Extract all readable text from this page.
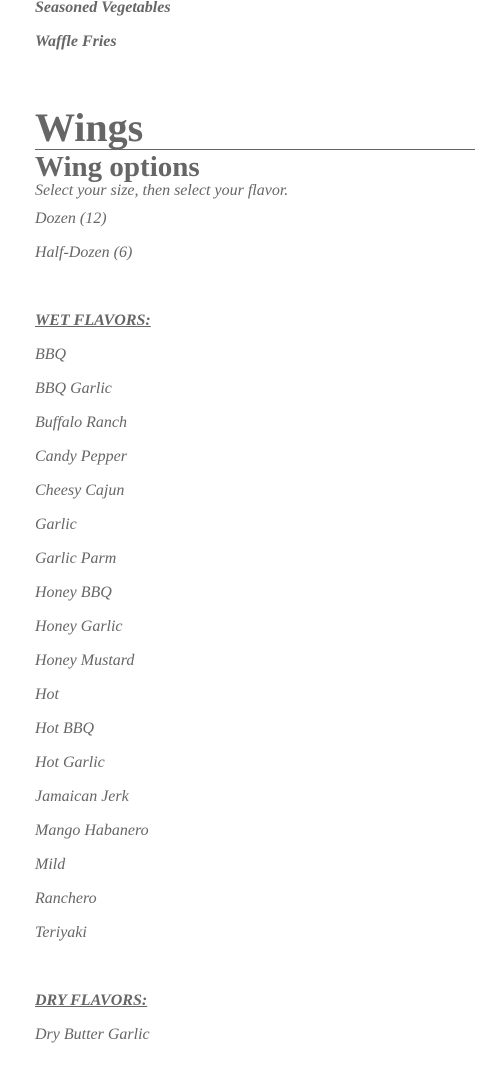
Seasoned Vegetables
Waffle Fries
Wings
Wing options
Select your size, then select your flavor.
Dozen (12)
Half-Dozen (6)
WET FLAVORS:
BBQ
BBQ Garlic
Buffalo Ranch
Candy Pepper
Cheesy Cajun
Garlic
Garlic Parm
Honey BBQ
Honey Garlic
Honey Mustard
Hot
Hot BBQ
Hot Garlic
Jamaican Jerk
Mango Habanero
Mild
Ranchero
Teriyaki
DRY FLAVORS:
Dry Butter Garlic
